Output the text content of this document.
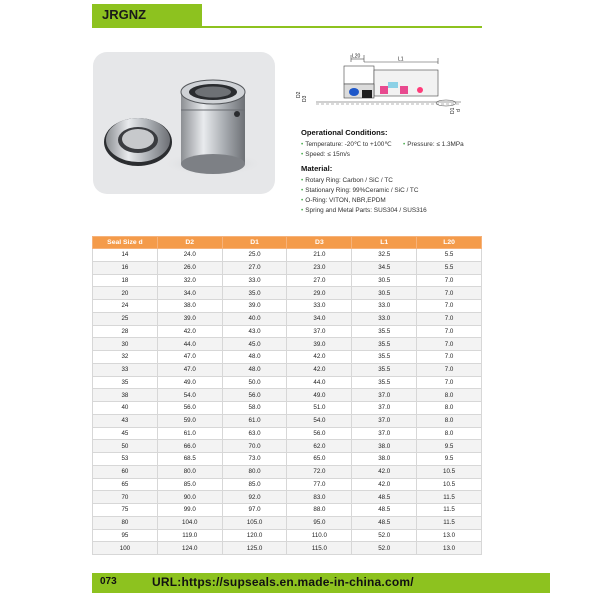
JRGNZ
L20	L1
D2
D3
D1 d
Operational Conditions:
• Temperature: -20℃ to +100℃ • Pressure: ≤ 1.3MPa
• Speed: ≤ 15m/s
Material:
• Rotary Ring: Carbon / SiC / TC
• Stationary Ring: 99%Ceramic / SiC / TC
• O-Ring: VITON, NBR,EPDM
• Spring and Metal Parts: SUS304 / SUS316
Seal Size d	D2	D1	D3	L1	L20
14	24.0	25.0	21.0	32.5	5.5
16	26.0	27.0	23.0	34.5	5.5
18	32.0	33.0	27.0	30.5	7.0
20	34.0	35.0	29.0	30.5	7.0
24	38.0	39.0	33.0	33.0	7.0
25	39.0	40.0	34.0	33.0	7.0
28	42.0	43.0	37.0	35.5	7.0
30	44.0	45.0	39.0	35.5	7.0
32	47.0	48.0	42.0	35.5	7.0
33	47.0	48.0	42.0	35.5	7.0
35	49.0	50.0	44.0	35.5	7.0
38	54.0	56.0	49.0	37.0	8.0
40	56.0	58.0	51.0	37.0	8.0
43	59.0	61.0	54.0	37.0	8.0
45	61.0	63.0	56.0	37.0	8.0
50	66.0	70.0	62.0	38.0	9.5
53	68.5	73.0	65.0	38.0	9.5
60	80.0	80.0	72.0	42.0	10.5
65	85.0	85.0	77.0	42.0	10.5
70	90.0	92.0	83.0	48.5	11.5
75	99.0	97.0	88.0	48.5	11.5
80	104.0	105.0	95.0	48.5	11.5
95	119.0	120.0	110.0	52.0	13.0
100	124.0	125.0	115.0	52.0	13.0
073	URL:https://supseals.en.made-in-china.com/
